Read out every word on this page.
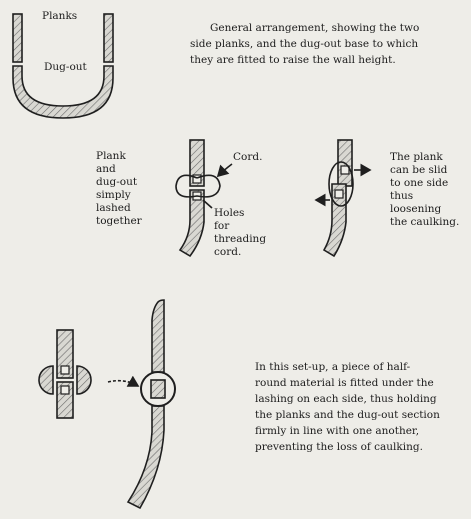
Planks
Dug-out
General arrangement, showing the two side planks, and the dug-out base to which they are fitted to raise the wall height.
Plank and dug-out simply lashed together
Cord.
Holes for threading cord.
The plank can be slid to one side thus loosening the caulking.
In this set-up, a piece of half- round material is fitted under the lashing on each side, thus holding the planks and the dug-out section firmly in line with one another, preventing the loss of caulking.
